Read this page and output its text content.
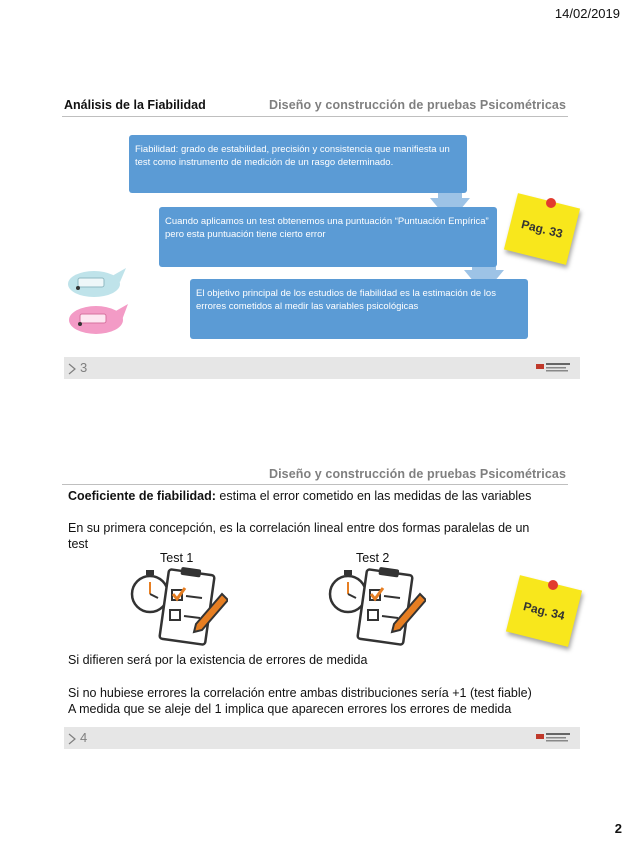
14/02/2019
Análisis de la Fiabilidad	Diseño y construcción de pruebas Psicométricas
Fiabilidad: grado de estabilidad, precisión y consistencia que manifiesta un test como instrumento de medición de un rasgo determinado.
Cuando aplicamos un test obtenemos una puntuación “Puntuación Empírica” pero esta puntuación tiene cierto error
El objetivo principal de los estudios de fiabilidad es la estimación de los errores cometidos al medir las variables psicológicas
Pag. 33
3
Diseño y construcción de pruebas Psicométricas
Coeficiente de fiabilidad: estima el error cometido en las medidas de las variables
En su primera concepción, es la correlación lineal entre dos formas paralelas de un test
Test 1	Test 2
Pag. 34
Si difieren será por la existencia de errores de medida
Si no hubiese errores la correlación entre ambas distribuciones sería +1 (test fiable)
A medida que se aleje del 1 implica que aparecen errores los errores de medida
4
2
